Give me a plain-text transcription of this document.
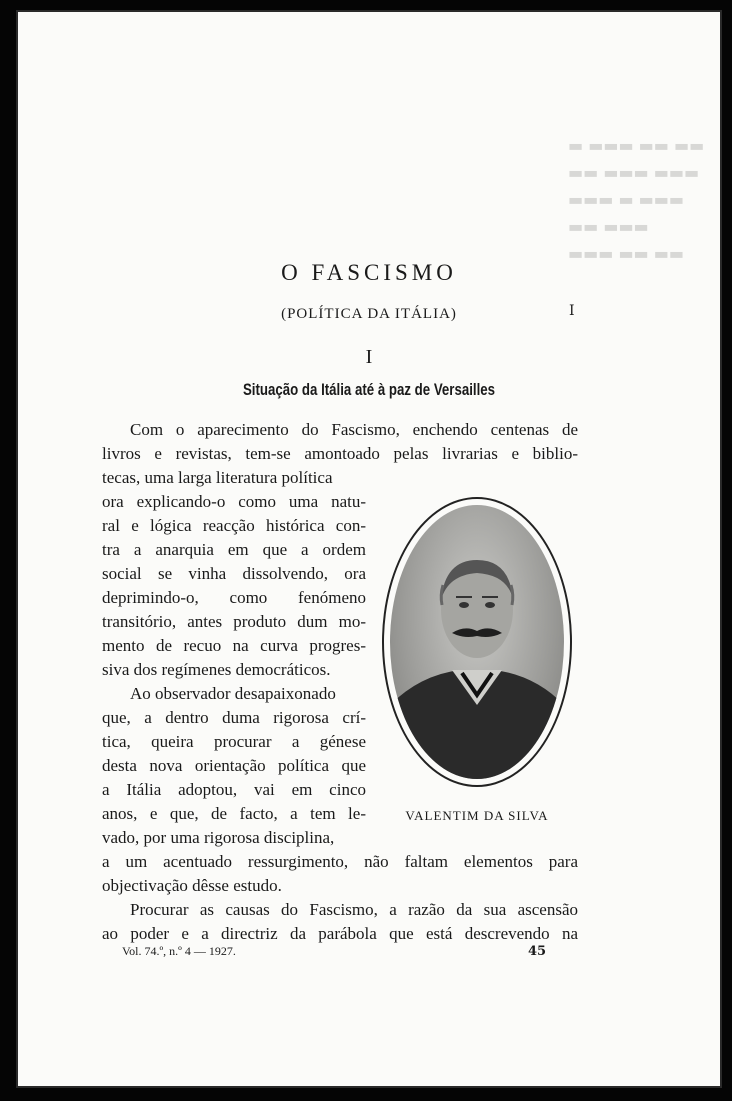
▬ ▬▬▬ ▬▬ ▬▬
▬▬ ▬▬▬ ▬▬▬
▬▬▬ ▬ ▬▬▬
▬▬ ▬▬▬
▬▬▬ ▬▬ ▬▬
O FASCISMO
(POLÍTICA DA ITÁLIA)	I
I
Situação da Itália até à paz de Versailles
Com o aparecimento do Fascismo, enchendo centenas de
livros e revistas, tem-se amontoado pelas livrarias e biblio-
tecas, uma larga literatura política
ora explicando-o como uma natu-
ral e lógica reacção histórica con-
tra a anarquia em que a ordem
social se vinha dissolvendo, ora
deprimindo-o, como fenómeno
transitório, antes produto dum mo-
mento de recuo na curva progres-
siva dos regímenes democráticos.
Ao observador desapaixonado
que, a dentro duma rigorosa crí-
tica, queira procurar a génese
desta nova orientação política que
a Itália adoptou, vai em cinco
anos, e que, de facto, a tem le-
vado, por uma rigorosa disciplina,
a um acentuado ressurgimento, não faltam elementos para
objectivação dêsse estudo.
Procurar as causas do Fascismo, a razão da sua ascensão
ao poder e a directriz da parábola que está descrevendo na
VALENTIM DA SILVA
Vol. 74.º, n.º 4 — 1927.	45
